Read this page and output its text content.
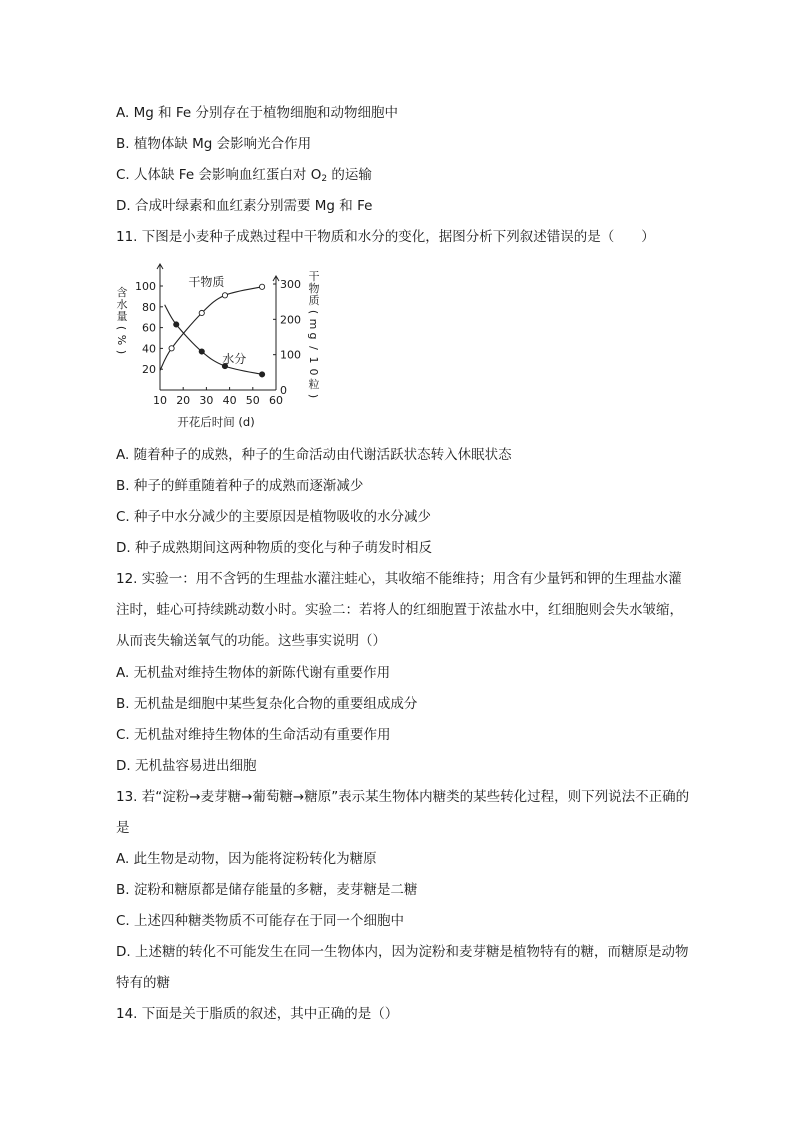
A. Mg 和 Fe 分别存在于植物细胞和动物细胞中
B. 植物体缺 Mg 会影响光合作用
C. 人体缺 Fe 会影响血红蛋白对 $O_2$ 的运输
D. 合成叶绿素和血红素分别需要 Mg 和 Fe
11. 下图是小麦种子成熟过程中干物质和水分的变化，据图分析下列叙述错误的是（　　）
10 20 30 40 50 60
20
40
60
80
100
0
100
200
300
干物质
水分
开花后时间 (d)
含
水
量
(
%
)
干
物
质
(
m
g
/
1
0
粒
)
A. 随着种子的成熟，种子的生命活动由代谢活跃状态转入休眠状态
B. 种子的鲜重随着种子的成熟而逐渐减少
C. 种子中水分减少的主要原因是植物吸收的水分减少
D. 种子成熟期间这两种物质的变化与种子萌发时相反
12. 实验一：用不含钙的生理盐水灌注蛙心，其收缩不能维持；用含有少量钙和钾的生理盐水灌
注时，蛙心可持续跳动数小时。实验二：若将人的红细胞置于浓盐水中，红细胞则会失水皱缩，
从而丧失输送氧气的功能。这些事实说明（）
A. 无机盐对维持生物体的新陈代谢有重要作用
B. 无机盐是细胞中某些复杂化合物的重要组成成分
C. 无机盐对维持生物体的生命活动有重要作用
D. 无机盐容易进出细胞
13. 若“淀粉→麦芽糖→葡萄糖→糖原”表示某生物体内糖类的某些转化过程，则下列说法不正确的
是
A. 此生物是动物，因为能将淀粉转化为糖原
B. 淀粉和糖原都是储存能量的多糖，麦芽糖是二糖
C. 上述四种糖类物质不可能存在于同一个细胞中
D. 上述糖的转化不可能发生在同一生物体内，因为淀粉和麦芽糖是植物特有的糖，而糖原是动物
特有的糖
14. 下面是关于脂质的叙述，其中正确的是（）
